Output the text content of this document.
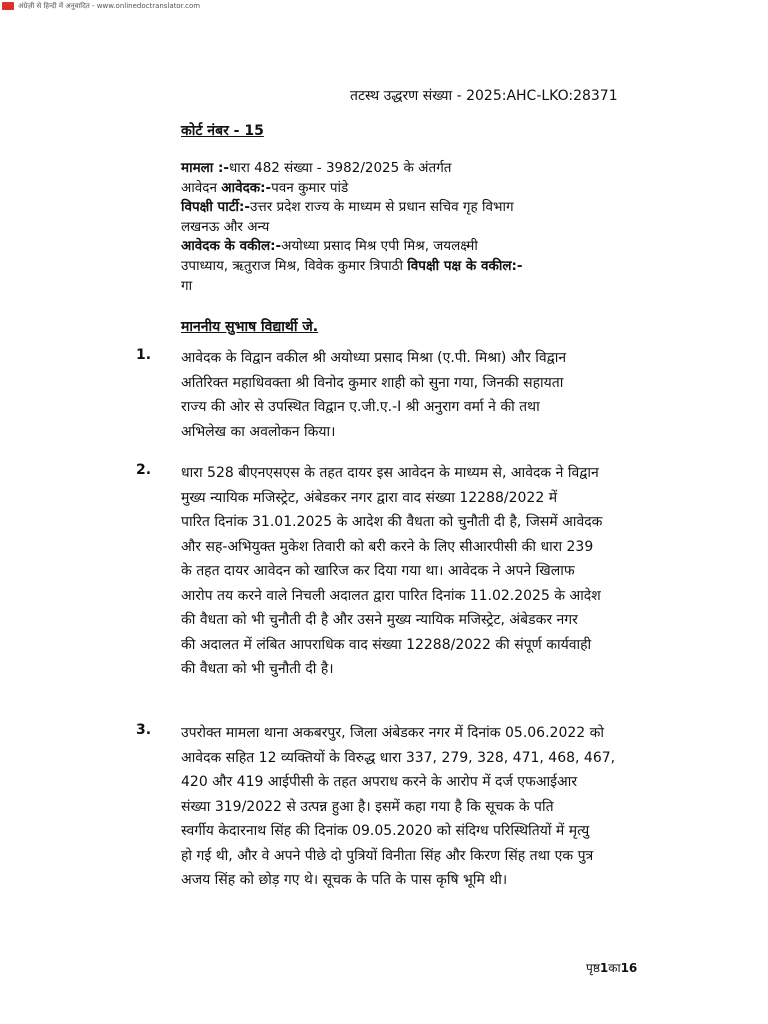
अंग्रेज़ी से हिन्दी में अनुवादित - www.onlinedoctranslator.com
तटस्थ उद्धरण संख्या - 2025:AHC-LKO:28371
कोर्ट नंबर - 15
मामला :-धारा 482 संख्या - 3982/2025 के अंतर्गत
आवेदन आवेदक:-पवन कुमार पांडे
विपक्षी पार्टी:-उत्तर प्रदेश राज्य के माध्यम से प्रधान सचिव गृह विभाग
लखनऊ और अन्य
आवेदक के वकील:-अयोध्या प्रसाद मिश्र एपी मिश्र, जयलक्ष्मी
उपाध्याय, ऋतुराज मिश्र, विवेक कुमार त्रिपाठी विपक्षी पक्ष के वकील:-
गा
माननीय सुभाष विद्यार्थी जे.
1. आवेदक के विद्वान वकील श्री अयोध्या प्रसाद मिश्रा (ए.पी. मिश्रा) और विद्वान
अतिरिक्त महाधिवक्ता श्री विनोद कुमार शाही को सुना गया, जिनकी सहायता
राज्य की ओर से उपस्थित विद्वान ए.जी.ए.-I श्री अनुराग वर्मा ने की तथा
अभिलेख का अवलोकन किया।
2. धारा 528 बीएनएसएस के तहत दायर इस आवेदन के माध्यम से, आवेदक ने विद्वान
मुख्य न्यायिक मजिस्ट्रेट, अंबेडकर नगर द्वारा वाद संख्या 12288/2022 में
पारित दिनांक 31.01.2025 के आदेश की वैधता को चुनौती दी है, जिसमें आवेदक
और सह-अभियुक्त मुकेश तिवारी को बरी करने के लिए सीआरपीसी की धारा 239
के तहत दायर आवेदन को खारिज कर दिया गया था। आवेदक ने अपने खिलाफ
आरोप तय करने वाले निचली अदालत द्वारा पारित दिनांक 11.02.2025 के आदेश
की वैधता को भी चुनौती दी है और उसने मुख्य न्यायिक मजिस्ट्रेट, अंबेडकर नगर
की अदालत में लंबित आपराधिक वाद संख्या 12288/2022 की संपूर्ण कार्यवाही
की वैधता को भी चुनौती दी है।
3. उपरोक्त मामला थाना अकबरपुर, जिला अंबेडकर नगर में दिनांक 05.06.2022 को
आवेदक सहित 12 व्यक्तियों के विरुद्ध धारा 337, 279, 328, 471, 468, 467,
420 और 419 आईपीसी के तहत अपराध करने के आरोप में दर्ज एफआईआर
संख्या 319/2022 से उत्पन्न हुआ है। इसमें कहा गया है कि सूचक के पति
स्वर्गीय केदारनाथ सिंह की दिनांक 09.05.2020 को संदिग्ध परिस्थितियों में मृत्यु
हो गई थी, और वे अपने पीछे दो पुत्रियों विनीता सिंह और किरण सिंह तथा एक पुत्र
अजय सिंह को छोड़ गए थे। सूचक के पति के पास कृषि भूमि थी।
पृष्ठ1का16
